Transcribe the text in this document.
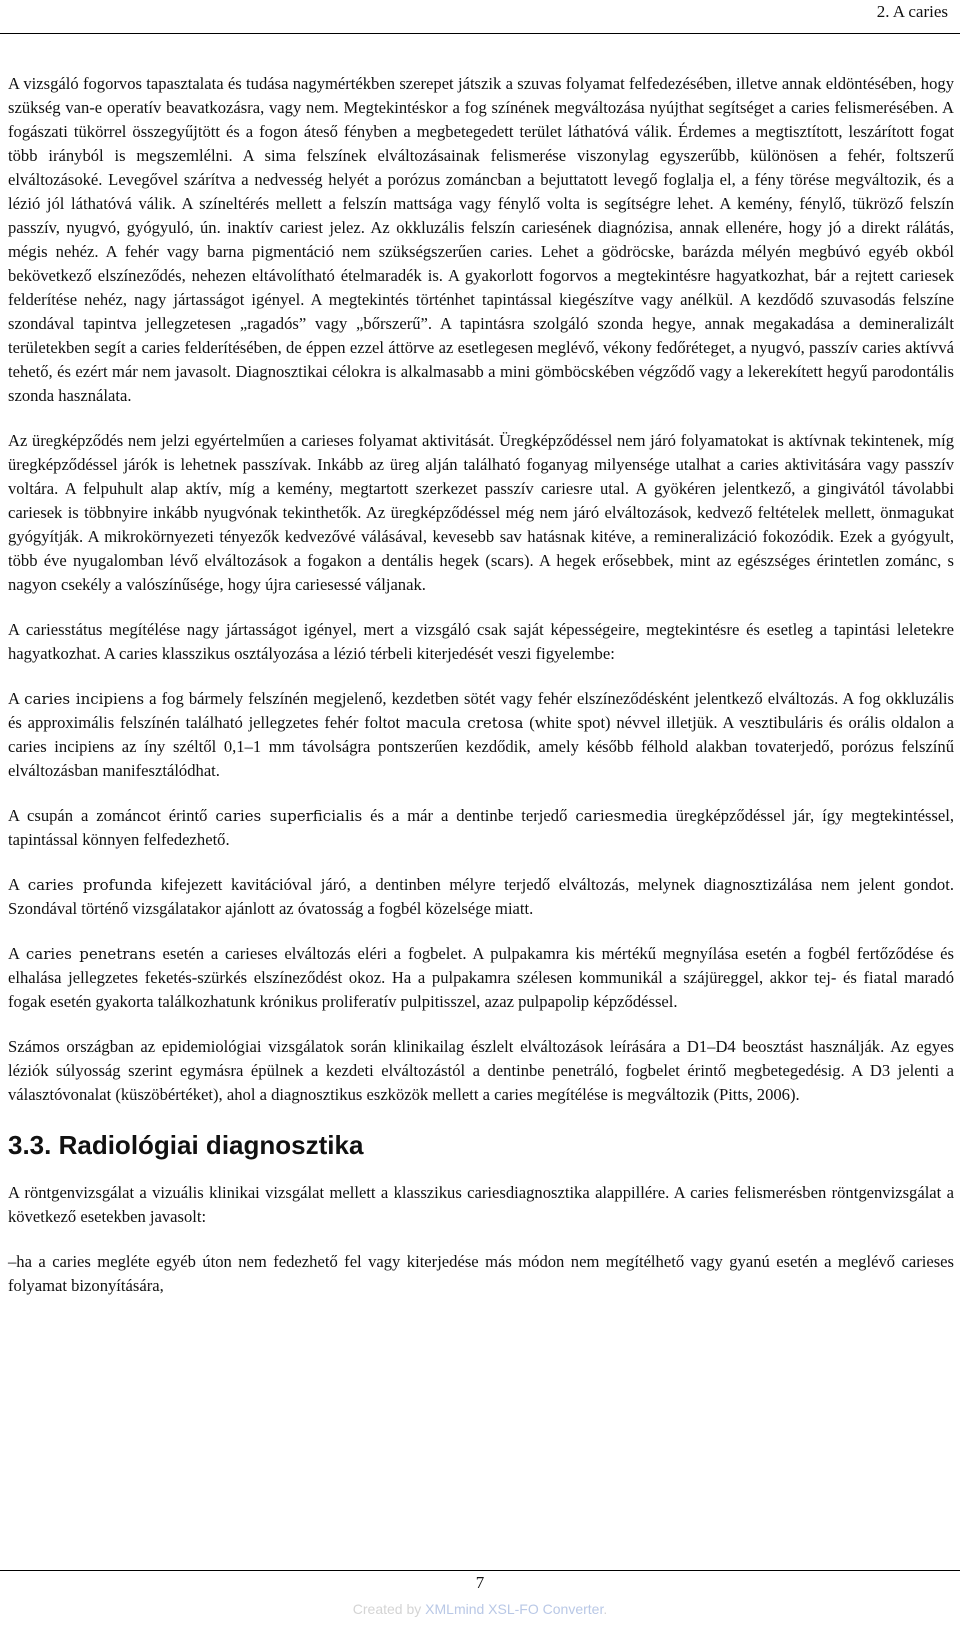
2. A caries

A vizsgáló fogorvos tapasztalata és tudása nagymértékben szerepet játszik a szuvas folyamat felfedezésében, illetve annak eldöntésében, hogy szükség van-e operatív beavatkozásra, vagy nem. Megtekintéskor a fog színének megváltozása nyújthat segítséget a caries felismerésében. A fogászati tükörrel összegyűjtött és a fogon áteső fényben a megbetegedett terület láthatóvá válik. Érdemes a megtisztított, leszárított fogat több irányból is megszemlélni. A sima felszínek elváltozásainak felismerése viszonylag egyszerűbb, különösen a fehér, foltszerű elváltozásoké. Levegővel szárítva a nedvesség helyét a porózus zománcban a bejuttatott levegő foglalja el, a fény törése megváltozik, és a lézió jól láthatóvá válik. A színeltérés mellett a felszín mattsága vagy fénylő volta is segítségre lehet. A kemény, fénylő, tükröző felszín passzív, nyugvó, gyógyuló, ún. inaktív cariest jelez. Az okkluzális felszín cariesének diagnózisa, annak ellenére, hogy jó a direkt rálátás, mégis nehéz. A fehér vagy barna pigmentáció nem szükségszerűen caries. Lehet a gödröcske, barázda mélyén megbúvó egyéb okból bekövetkező elszíneződés, nehezen eltávolítható ételmaradék is. A gyakorlott fogorvos a megtekintésre hagyatkozhat, bár a rejtett cariesek felderítése nehéz, nagy jártasságot igényel. A megtekintés történhet tapintással kiegészítve vagy anélkül. A kezdődő szuvasodás felszíne szondával tapintva jellegzetesen „ragadós” vagy „bőrszerű”. A tapintásra szolgáló szonda hegye, annak megakadása a demineralizált területekben segít a caries felderítésében, de éppen ezzel áttörve az esetlegesen meglévő, vékony fedőréteget, a nyugvó, passzív caries aktívvá tehető, és ezért már nem javasolt. Diagnosztikai célokra is alkalmasabb a mini gömböcskében végződő vagy a lekerekített hegyű parodontális szonda használata.

Az üregképződés nem jelzi egyértelműen a carieses folyamat aktivitását. Üregképződéssel nem járó folyamatokat is aktívnak tekintenek, míg üregképződéssel járók is lehetnek passzívak. Inkább az üreg alján található foganyag milyensége utalhat a caries aktivitására vagy passzív voltára. A felpuhult alap aktív, míg a kemény, megtartott szerkezet passzív cariesre utal. A gyökéren jelentkező, a gingivától távolabbi cariesek is többnyire inkább nyugvónak tekinthetők. Az üregképződéssel még nem járó elváltozások, kedvező feltételek mellett, önmagukat gyógyítják. A mikrokörnyezeti tényezők kedvezővé válásával, kevesebb sav hatásnak kitéve, a remineralizáció fokozódik. Ezek a gyógyult, több éve nyugalomban lévő elváltozások a fogakon a dentális hegek (scars). A hegek erősebbek, mint az egészséges érintetlen zománc, s nagyon csekély a valószínűsége, hogy újra cariesessé váljanak.

A cariesstátus megítélése nagy jártasságot igényel, mert a vizsgáló csak saját képességeire, megtekintésre és esetleg a tapintási leletekre hagyatkozhat. A caries klasszikus osztályozása a lézió térbeli kiterjedését veszi figyelembe:

A caries incipiens a fog bármely felszínén megjelenő, kezdetben sötét vagy fehér elszíneződésként jelentkező elváltozás. A fog okkluzális és approximális felszínén található jellegzetes fehér foltot macula cretosa (white spot) névvel illetjük. A vesztibuláris és orális oldalon a caries incipiens az íny széltől 0,1–1 mm távolságra pontszerűen kezdődik, amely később félhold alakban tovaterjedő, porózus felszínű elváltozásban manifesztálódhat.

A csupán a zománcot érintő caries superficialis és a már a dentinbe terjedő cariesmedia üregképződéssel jár, így megtekintéssel, tapintással könnyen felfedezhető.

A caries profunda kifejezett kavitációval járó, a dentinben mélyre terjedő elváltozás, melynek diagnosztizálása nem jelent gondot. Szondával történő vizsgálatakor ajánlott az óvatosság a fogbél közelsége miatt.

A caries penetrans esetén a carieses elváltozás eléri a fogbelet. A pulpakamra kis mértékű megnyílása esetén a fogbél fertőződése és elhalása jellegzetes feketés-szürkés elszíneződést okoz. Ha a pulpakamra szélesen kommunikál a szájüreggel, akkor tej- és fiatal maradó fogak esetén gyakorta találkozhatunk krónikus proliferatív pulpitisszel, azaz pulpapolip képződéssel.

Számos országban az epidemiológiai vizsgálatok során klinikailag észlelt elváltozások leírására a D1–D4 beosztást használják. Az egyes léziók súlyosság szerint egymásra épülnek a kezdeti elváltozástól a dentinbe penetráló, fogbelet érintő megbetegedésig. A D3 jelenti a választóvonalat (küszöbértéket), ahol a diagnosztikus eszközök mellett a caries megítélése is megváltozik (Pitts, 2006).

3.3. Radiológiai diagnosztika

A röntgenvizsgálat a vizuális klinikai vizsgálat mellett a klasszikus cariesdiagnosztika alappillére. A caries felismerésben röntgenvizsgálat a következő esetekben javasolt:

–ha a caries megléte egyéb úton nem fedezhető fel vagy kiterjedése más módon nem megítélhető vagy gyanú esetén a meglévő carieses folyamat bizonyítására,

7
Created by XMLmind XSL-FO Converter.
